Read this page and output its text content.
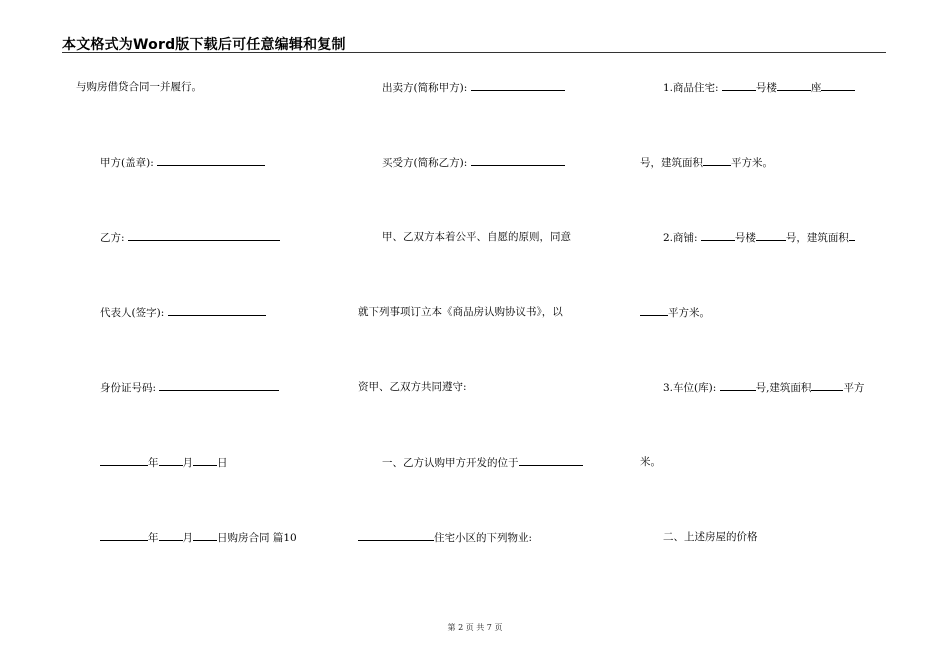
本文格式为Word版下载后可任意编辑和复制
与购房借贷合同一并履行。
甲方(盖章):
乙方:
代表人(签字):
身份证号码:
年 月 日
年 月 日购房合同 篇10
出卖方(简称甲方):
买受方(简称乙方):
甲、乙双方本着公平、自愿的原则，同意
就下列事项订立本《商品房认购协议书》，以
资甲、乙双方共同遵守:
一、乙方认购甲方开发的位于
住宅小区的下列物业:
1.商品住宅:	号楼	座
号，建筑面积	平方米。
2.商铺:	号楼	号，建筑面积
平方米。
3.车位(库):	号,建筑面积	平方
米。
二、上述房屋的价格
第 2 页 共 7 页
